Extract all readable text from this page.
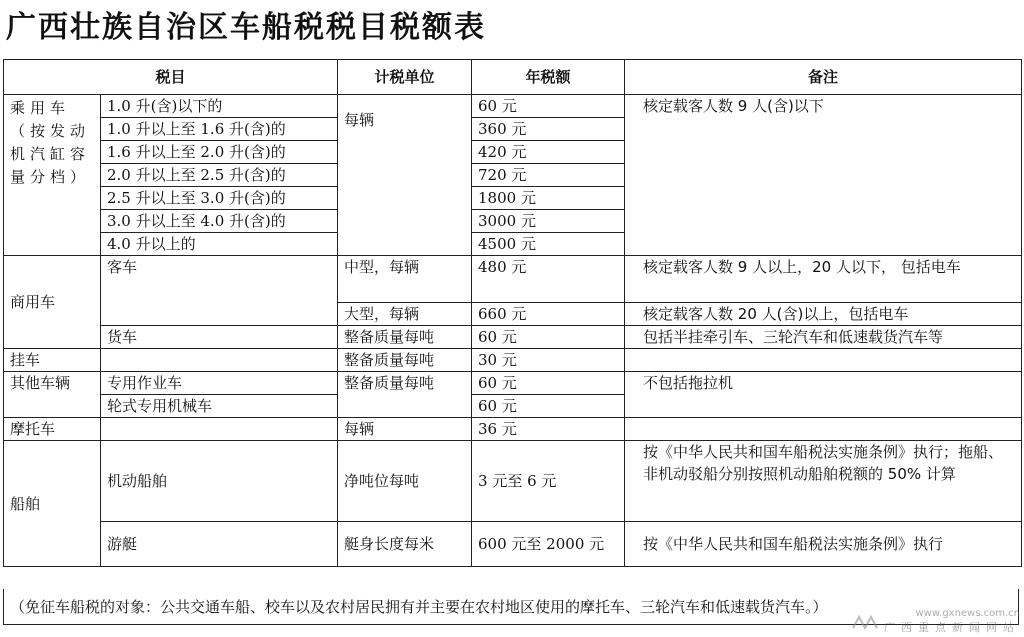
广西壮族自治区车船税税目税额表
税目		计税单位	年税额	备注
乘用车（按发动机汽缸容量分档）	1.0 升(含)以下的	每辆	60 元	核定载客人数 9 人(含)以下
	1.0 升以上至 1.6 升(含)的		360 元	
	1.6 升以上至 2.0 升(含)的		420 元	
	2.0 升以上至 2.5 升(含)的		720 元	
	2.5 升以上至 3.0 升(含)的		1800 元	
	3.0 升以上至 4.0 升(含)的		3000 元	
	4.0 升以上的		4500 元	
商用车	客车	中型，每辆	480 元	核定载客人数 9 人以上，20 人以下， 包括电车
		大型，每辆	660 元	核定载客人数 20 人(含)以上，包括电车
	货车	整备质量每吨	60 元	包括半挂牵引车、三轮汽车和低速载货汽车等
挂车		整备质量每吨	30 元	
其他车辆	专用作业车	整备质量每吨	60 元	不包括拖拉机
	轮式专用机械车		60 元	
摩托车		每辆	36 元	
船舶	机动船舶	净吨位每吨	3 元至 6 元	按《中华人民共和国车船税法实施条例》执行；拖船、非机动驳船分别按照机动船舶税额的 50% 计算
	游艇	艇身长度每米	600 元至 2000 元	按《中华人民共和国车船税法实施条例》执行
（免征车船税的对象：公共交通车船、校车以及农村居民拥有并主要在农村地区使用的摩托车、三轮汽车和低速载货汽车。）
	www.gxnews.com.cn
广西重点新闻网站
